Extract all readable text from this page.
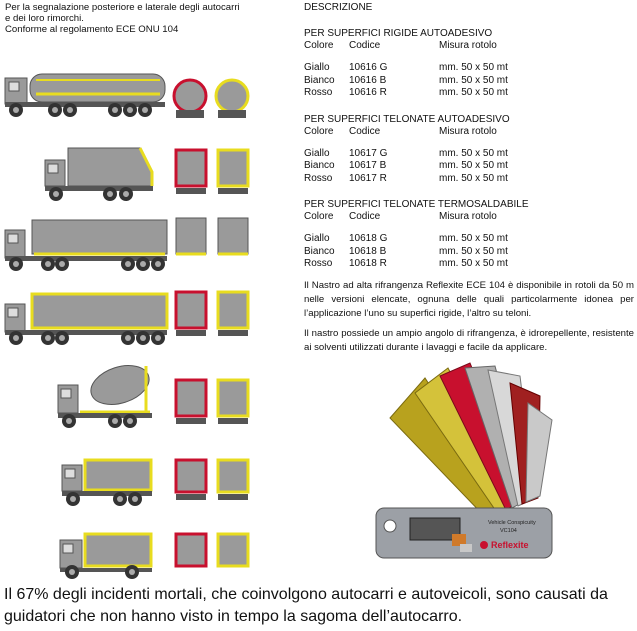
Per la segnalazione posteriore e laterale degli autocarri
e dei loro rimorchi.
Conforme al regolamento ECE ONU 104
DESCRIZIONE
PER SUPERFICI RIGIDE AUTOADESIVO
Colore	Codice	Misura rotolo
Giallo	10616 G	mm. 50 x 50 mt
Bianco	10616 B	mm. 50 x 50 mt
Rosso	10616 R	mm. 50 x 50 mt
PER SUPERFICI TELONATE AUTOADESIVO
Colore	Codice	Misura rotolo
Giallo	10617 G	mm. 50 x 50 mt
Bianco	10617 B	mm. 50 x 50 mt
Rosso	10617 R	mm. 50 x 50 mt
PER SUPERFICI TELONATE TERMOSALDABILE
Colore	Codice	Misura rotolo
Giallo	10618 G	mm. 50 x 50 mt
Bianco	10618 B	mm. 50 x 50 mt
Rosso	10618 R	mm. 50 x 50 mt
Il Nastro ad alta rifrangenza Reflexite ECE 104 è disponibile in rotoli da 50 m nelle versioni elencate, ognuna delle quali particolarmente idonea per l’applicazione l’uno su superfici rigide, l’altro su teloni.
Il nastro possiede un ampio angolo di rifrangenza, è idrorepellente, resistente ai solventi utilizzati durante i lavaggi e facile da applicare.
Vehicle Conspicuity
VC104
Reflexite
Il 67% degli incidenti mortali, che coinvolgono autocarri e autoveicoli, sono causati da guidatori che non hanno visto in tempo la sagoma dell’autocarro.
